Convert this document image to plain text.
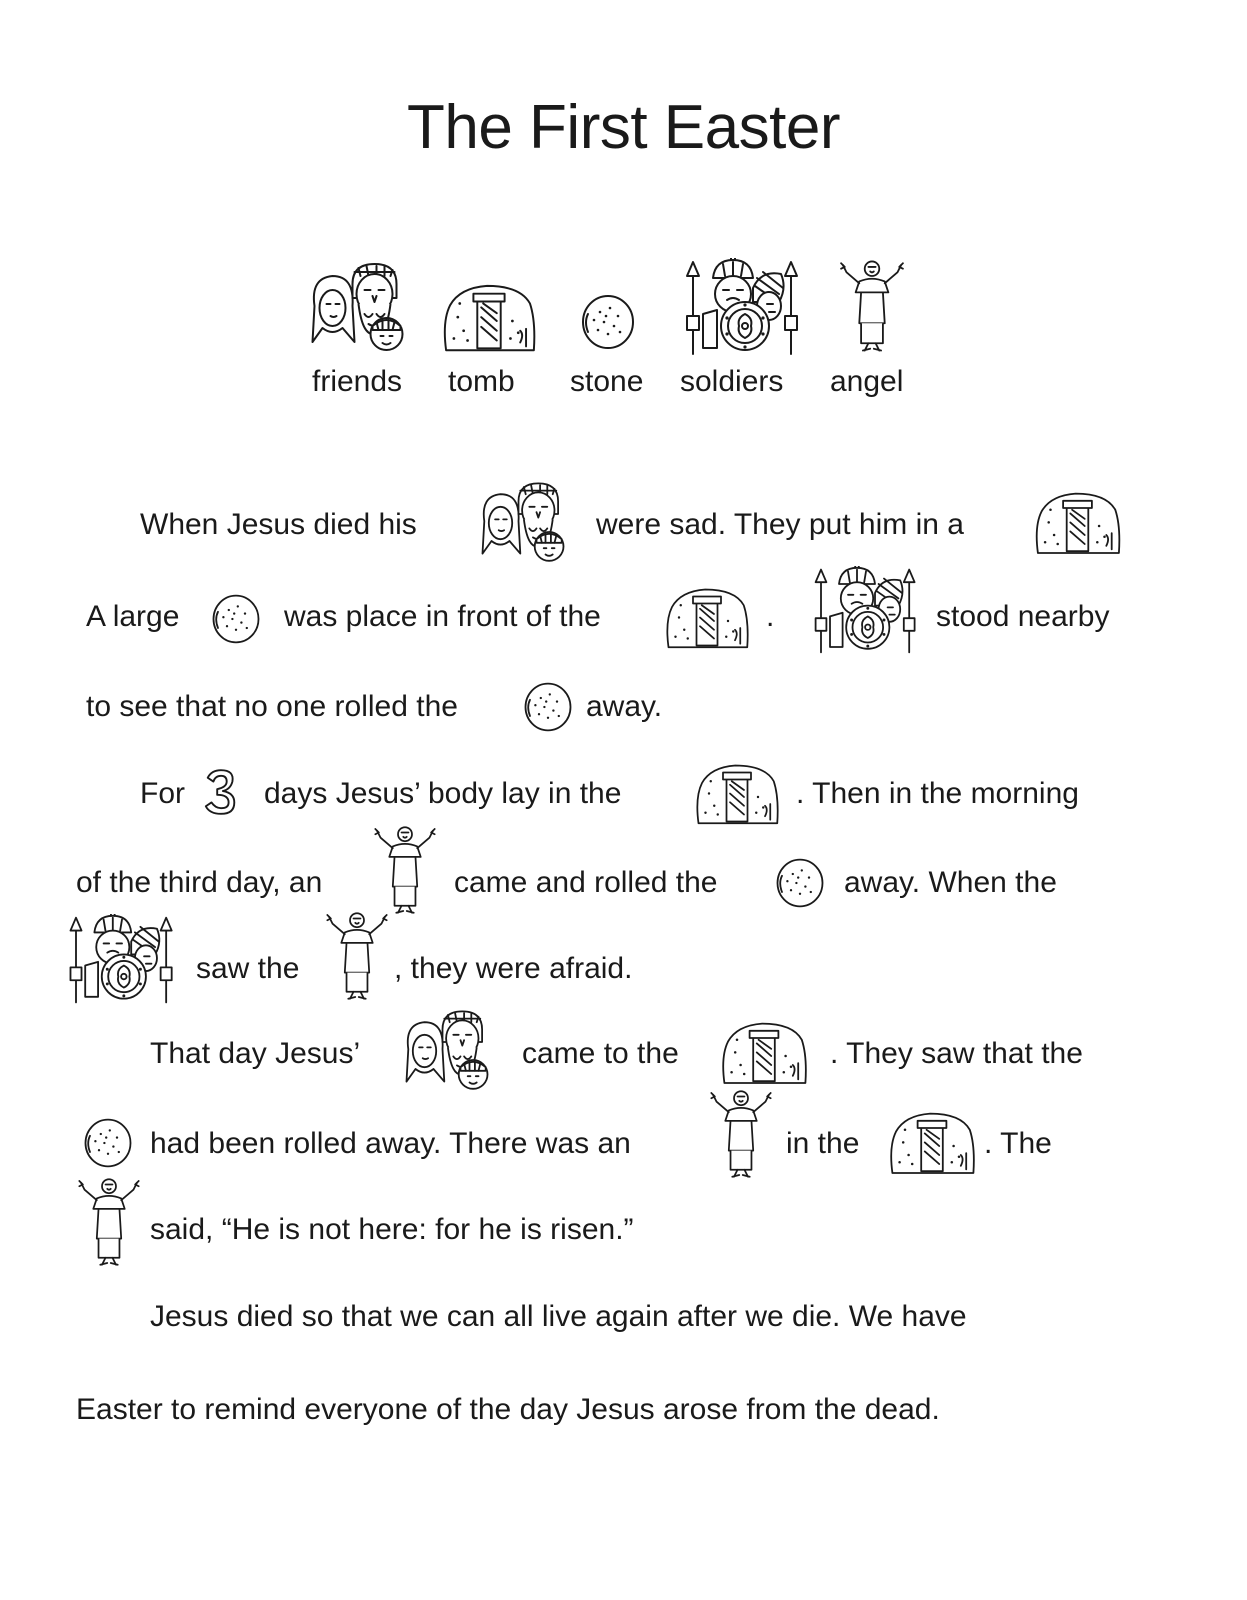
The First Easter
friends tomb stone soldiers angel
When Jesus died his	were sad. They put him in a
A large	was place in front of the	.	stood nearby
to see that no one rolled the	away.
For	days Jesus’ body lay in the	. Then in the morning
of the third day, an	came and rolled the	away. When the
saw the	, they were afraid.
That day Jesus’	came to the	. They saw that the
had been rolled away. There was an	in the	. The
said, “He is not here: for he is risen.”
Jesus died so that we can all live again after we die. We have
Easter to remind everyone of the day Jesus arose from the dead.
